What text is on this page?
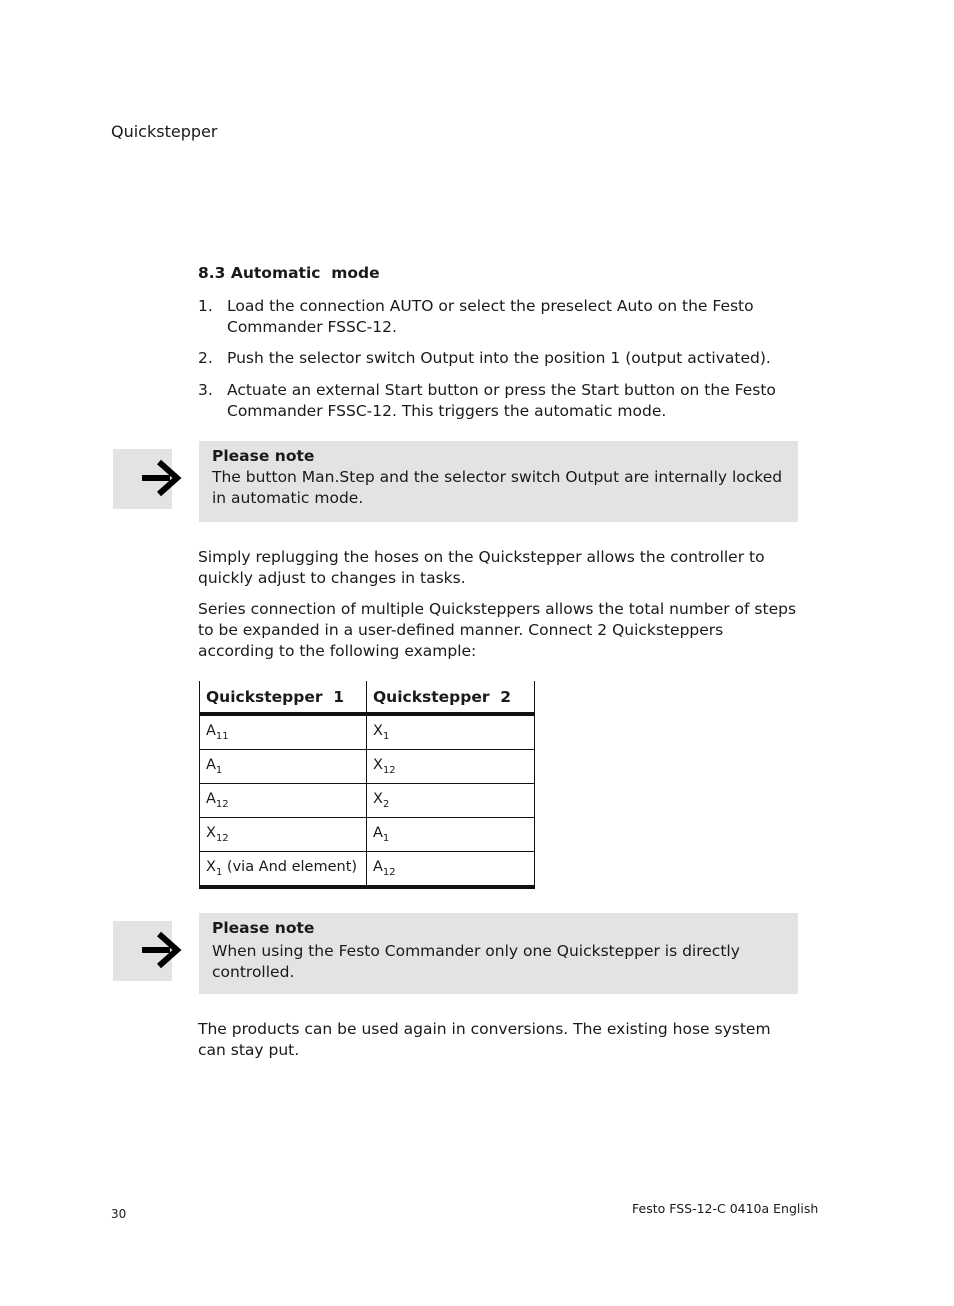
Quickstepper
8.3 Automatic  mode
1. Load the connection AUTO or select the preselect Auto on the Festo Commander FSSC-12.
2. Push the selector switch Output into the position 1 (output activated).
3. Actuate an external Start button or press the Start button on the Festo Commander FSSC-12. This triggers the automatic mode.
Please note
The button Man.Step and the selector switch Output are internally locked in automatic mode.
Simply replugging the hoses on the Quickstepper allows the controller to quickly adjust to changes in tasks.
Series connection of multiple Quicksteppers allows the total number of steps to be expanded in a user-defined manner. Connect 2 Quicksteppers according to the following example:
Quickstepper  1	Quickstepper  2
$A_{11}$	$X_1$
$A_1$	$X_{12}$
$A_{12}$	$X_2$
$X_{12}$	$A_1$
$X_1$ (via And element)	$A_{12}$
Please note
When using the Festo Commander only one Quickstepper is directly controlled.
The products can be used again in conversions. The existing hose system can stay put.
30	Festo FSS-12-C 0410a English
